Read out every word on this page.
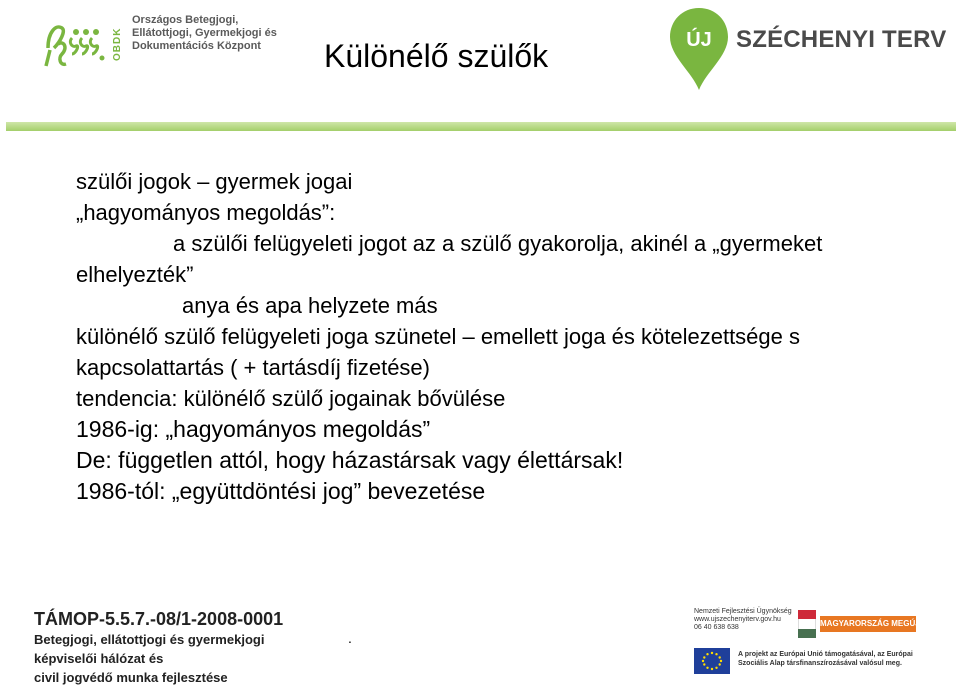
OBDK
Országos Betegjogi,
Ellátottjogi, Gyermekjogi és
Dokumentációs Központ	Különélő szülők	ÚJ SZÉCHENYI TERV
szülői jogok – gyermek jogai
„hagyományos megoldás”:
a szülői felügyeleti jogot az a szülő gyakorolja, akinél a „gyermeket
elhelyezték”
anya és apa helyzete más
különélő szülő felügyeleti joga szünetel – emellett joga és kötelezettsége s
kapcsolattartás ( + tartásdíj fizetése)
tendencia: különélő szülő jogainak bővülése
1986-ig: „hagyományos megoldás”
De: független attól, hogy házastársak vagy élettársak!
1986-tól: „együttdöntési jog” bevezetése
TÁMOP-5.5.7.-08/1-2008-0001
Betegjogi, ellátottjogi és gyermekjogi
képviselői hálózat és
civil jogvédő munka fejlesztése
.
Nemzeti Fejlesztési Ügynökség
www.ujszechenyiterv.gov.hu
06 40 638 638	MAGYARORSZÁG MEGÚJUL
A projekt az Európai Unió támogatásával, az Európai
Szociális Alap társfinanszírozásával valósul meg.
